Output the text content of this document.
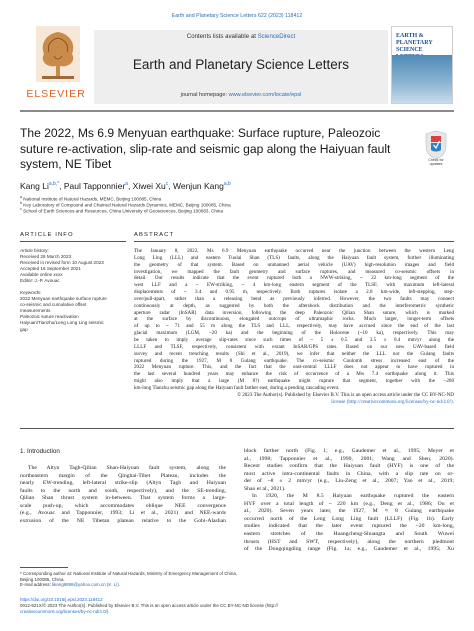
Earth and Planetary Science Letters 622 (2023) 118412
ELSEVIER
Contents lists available at ScienceDirect
Earth and Planetary Science Letters
journal homepage: www.elsevier.com/locate/epsl
EARTH & PLANETARY SCIENCE
The 2022, Ms 6.9 Menyuan earthquake: Surface rupture, Paleozoic
suture re-activation, slip-rate and seismic gap along the Haiyuan fault
system, NE Tibet	Check for
updates
Kang $Li^{a,b,*}$, Paul Tapponnier$^a$, Xiwei Xu$^c$, Wenjun Kang$^{a,b}$
$^a$ National Institute of Natural Hazards, MEMC, Beijing 100085, China
$^b$ Key Laboratory of Compound and Chained Natural Hazards Dynamics, MEMC, Beijing 100085, China
$^c$ School of Earth Sciences and Resources, China University of Geosciences, Beijing 100083, China
ARTICLE INFO	ABSTRACT
Article history:
Received 28 March 2023
Received in revised form 10 August 2023
Accepted 16 September 2021
Available online xxxx
Editor: J.-P. Avouac
Keywords:
2022 Menyuan earthquake surface rupture
co-seismic and cumulative offset
measurements
Paleozoic suture reactivation
Haiyuan/Tianzhu/Leng Long Ling seismic
gap
The January 8, 2022, Ms 6.9 Menyuan earthquake occurred near the junction between the western Leng
Long Ling (LLL) and eastern Tuolai Shan (TLS) faults, along the Haiyuan fault system, further illuminating
the geometry of that system. Based on unmanned aerial vehicle (UAV) high-resolution images and field
investigation, we mapped the fault geometry and surface ruptures, and measured co-seismic offsets in
detail. Our results indicate that the event ruptured both a NWW-striking, ~ 22 km-long segment of the
west LLF and a ~ EW-striking, ~ 4 km-long eastern segment of the TLSF, with maximum left-lateral
displacements of ~ 3.4 and 0.95 m, respectively. Both ruptures isolate a 2.8 km-wide, left-stepping, step-
over/pull-apart, rather than a releasing bend as previously inferred. However, the two faults may connect
continuously at depth, as suggested by both the aftershock distribution and the interferometric synthetic
aperture radar (InSAR) data inversion, following the deep Paleozoic Qilian Shan suture, which is marked
at the surface by discontinuous, elongated outcrops of ultramaphic rocks. Much larger, longer-term offsets
of up to ~ 71 and 55 m along the TLS and LLL, respectively, may have accrued since the end of the last
glacial maximum (LGM, ~20 ka) and the beginning of the Holocene (~10 ka), respectively. This may
be taken to imply average slip-rates since such times of ~ 5 ± 0.5 and 3.5 ± 0.4 mm/yr along the
LLLF and TLSF, respectively, consistent with extant InSAR/GPS rates. Based on our new UAV-based field
survey and recent trenching results (Shi et al., 2019), we infer that neither the LLL nor the Gulang faults
ruptured during the 1927, M 8 Gulang earthquake. The co-seismic Coulomb stress increased east of the
2022 Menyuan rupture. This, and the fact that the east-central LLLF does not appear to have ruptured in
the last several hundred years may enhance the risk of occurrence of a Mw 7.4 earthquake along it. This
might also imply that a large (M 8?) earthquake might rupture that segment, together with the ~200
km-long Tianzhu seismic gap along the Haiyuan fault farther east, during a pending cascading event.
© 2023 The Author(s). Published by Elsevier B.V. This is an open access article under the CC BY-NC-ND
license (http://creativecommons.org/licenses/by-nc-nd/4.0/).
1. Introduction
The Altyn Tagh-Qilian Shan-Haiyuan fault system, along the
northeastern margin of the Qinghai-Tibet Plateau, includes the
nearly EW-trending, left-lateral strike-slip (Altyn Tagh and Haiyuan
faults to the north and south, respectively), and the SE-trending,
Qilian Shan thrust system in-between. That system forms a large-
scale push-up, which accommodates oblique NEE convergence
(e.g., Avouac and Tapponnier, 1993; Li et al., 2021) and NEE-wards
extrusion of the NE Tibetan plateau relative to the Gobi-Alashan
block farther north (Fig. 1; e.g., Gaudemer et al., 1995; Meyer et
al., 1998; Tapponnier et al., 1990, 2001; Wang and Shen, 2020).
Recent studies confirm that the Haiyuan fault (HYF) is one of the
most active intra-continental faults in China, with a slip rate on or-
der of ~8 ± 2 mm/yr (e.g., Liu-Zeng et al., 2007; Yao et al., 2019;
Shao et al., 2021).
In 1920, the M 8.5 Haiyuan earthquake ruptured the eastern
HYF over a total length of ~ 220 km (e.g., Deng et al., 1986; Ou et
al., 2020). Seven years later, the 1927, M ≈ 8 Gulang earthquake
occurred north of the Leng Long Ling fault (LLLF) (Fig. 1b). Early
studies indicated that the later event ruptured the ~20 km-long,
eastern stretches of the Huangcheng-Shuangta and South Wuwei
thrusts (HST and SWT, respectively), along the northern piedmont
of the Dongqingding range (Fig. 1a; e.g., Gaudemer et al., 1995; Xu
* Corresponding author at: National Institute of Natural Hazards, Ministry of Emergency Management of China, Beijing 100085, China.
E-mail address: likang8899@yahoo.com.cn (K. Li).
https://doi.org/10.1016/j.epsl.2023.118412
0012-821X/© 2023 The Author(s). Published by Elsevier B.V. This is an open access article under the CC BY-NC-ND license (http://
creativecommons.org/licenses/by-nc-nd/4.0/).
